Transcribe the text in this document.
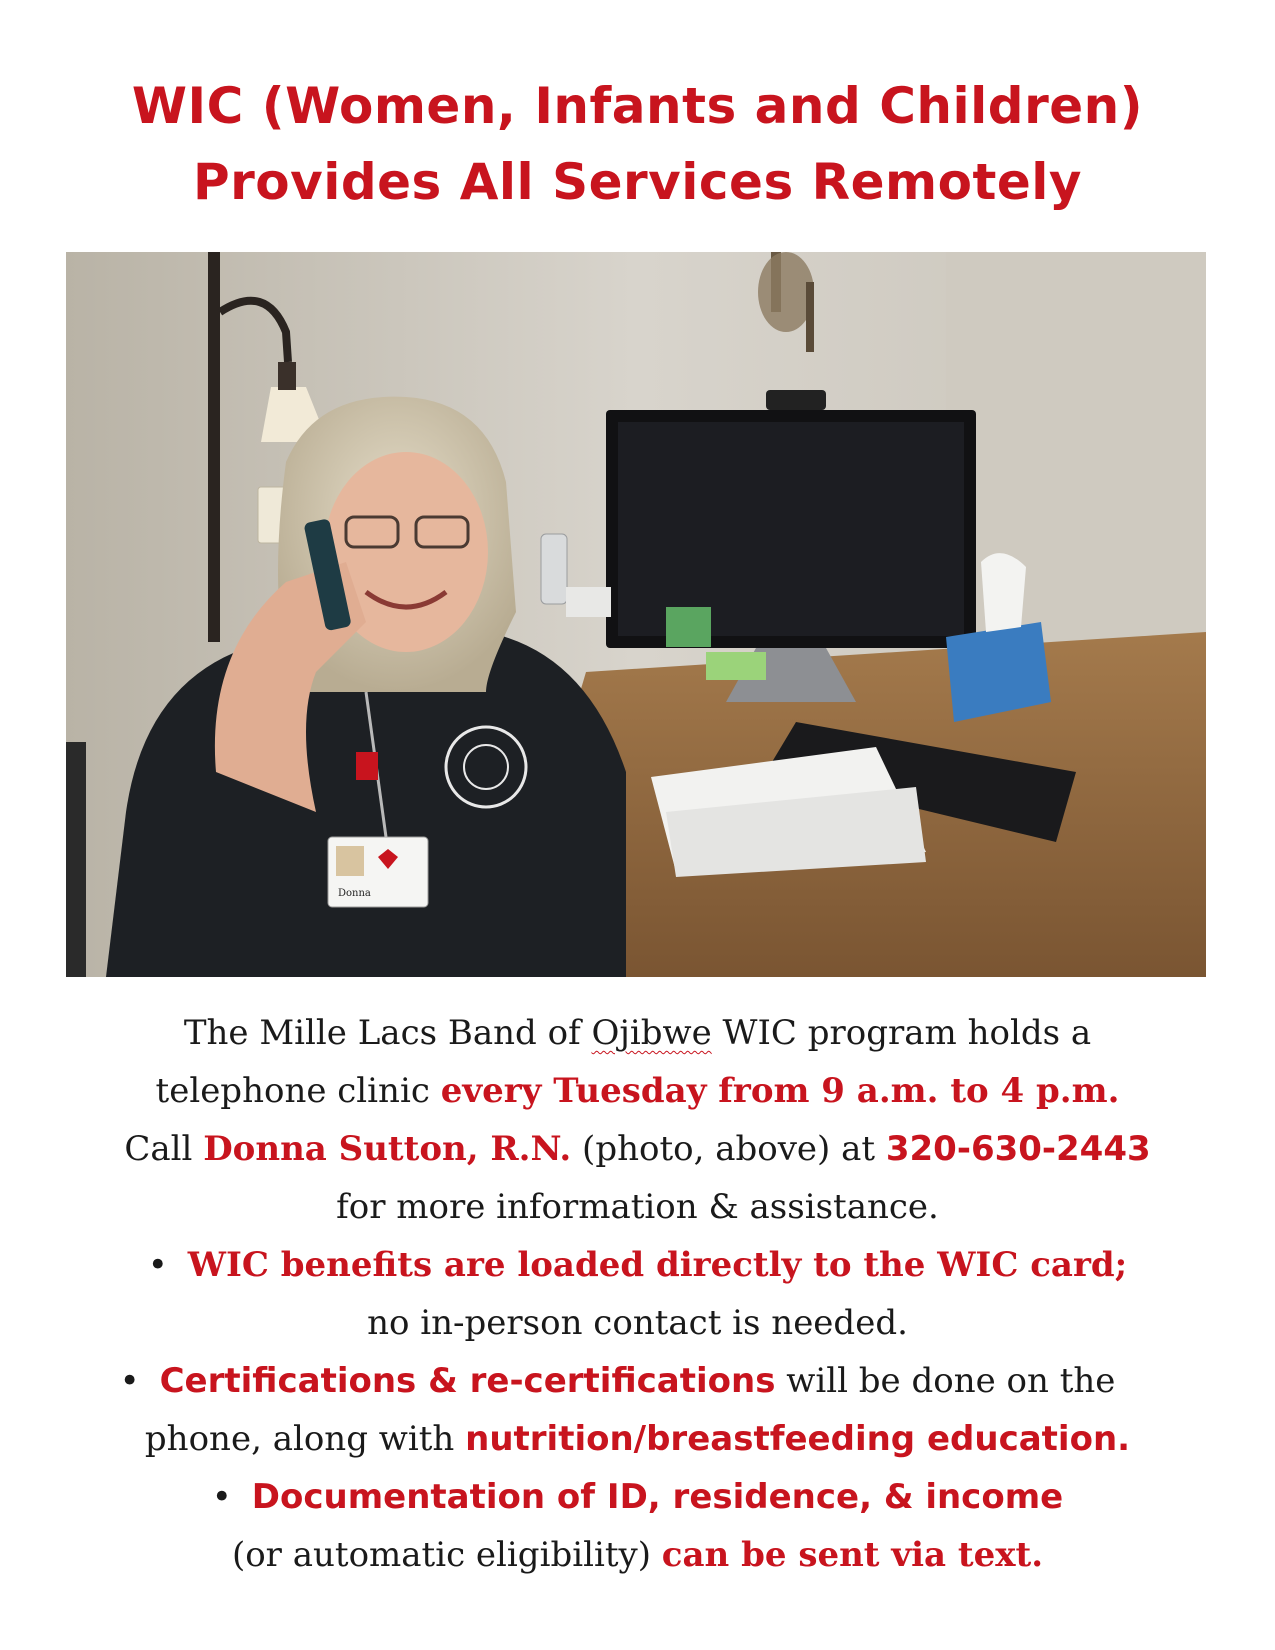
WIC (Women, Infants and Children)
Provides All Services Remotely
Donna
The Mille Lacs Band of Ojibwe WIC program holds a
telephone clinic every Tuesday from 9 a.m. to 4 p.m.
Call Donna Sutton, R.N. (photo, above) at 320-630-2443
for more information & assistance.
• WIC benefits are loaded directly to the WIC card;
no in-person contact is needed.
• Certifications & re-certifications will be done on the
phone, along with nutrition/breastfeeding education.
• Documentation of ID, residence, & income
(or automatic eligibility) can be sent via text.
